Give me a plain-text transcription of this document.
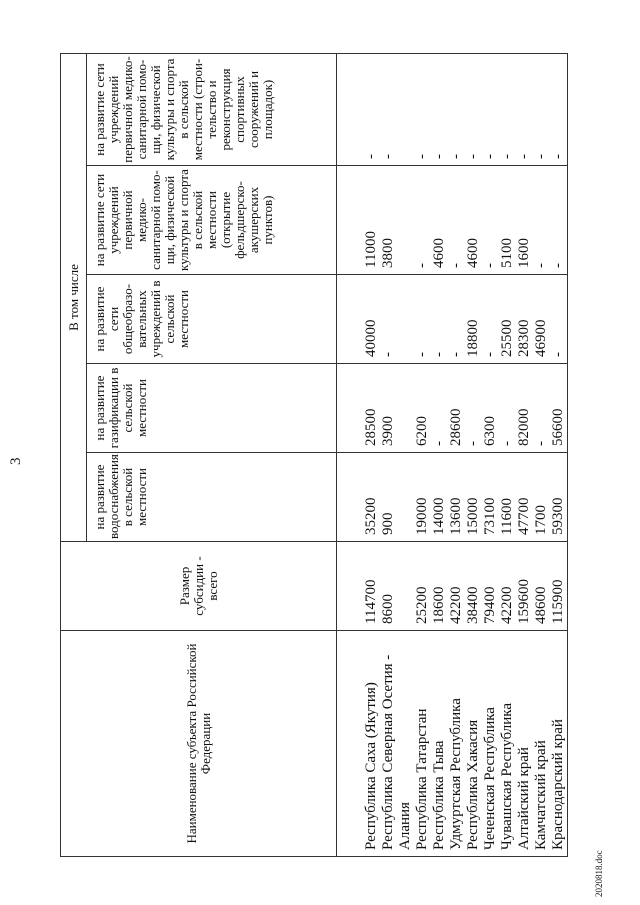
3
Наименование субъекта Российской Федерации	Размер субсидии - всего	В том числе				
		на развитие водоснабжения в сельской местности	на развитие газификации в сельской местности	на развитие сети общеобразо- вательных учреждений в сельской местности	на развитие сети учреждений первичной медико- санитарной помо- щи, физической культуры и спорта в сельской местности (открытие фельдшерско- акушерских пунктов)	на развитие сети учреждений первичной медико- санитарной помо- щи, физической культуры и спорта в сельской местности (строи- тельство и реконструкция спортивных сооружений и площадок)
Республика Саха (Якутия)	114700	35200	28500	40000	11000	-
Республика Северная Осетия - Алания	8600	900	3900	-	3800	-
Республика Татарстан	25200	19000	6200	-	-	-
Республика Тыва	18600	14000	-	-	4600	-
Удмуртская Республика	42200	13600	28600	-	-	-
Республика Хакасия	38400	15000	-	18800	4600	-
Чеченская Республика	79400	73100	6300	-	-	-
Чувашская Республика	42200	11600	-	25500	5100	-
Алтайский край	159600	47700	82000	28300	1600	-
Камчатский край	48600	1700	-	46900	-	-
Краснодарский край	115900	59300	56600	-	-	-
2020818.doc
